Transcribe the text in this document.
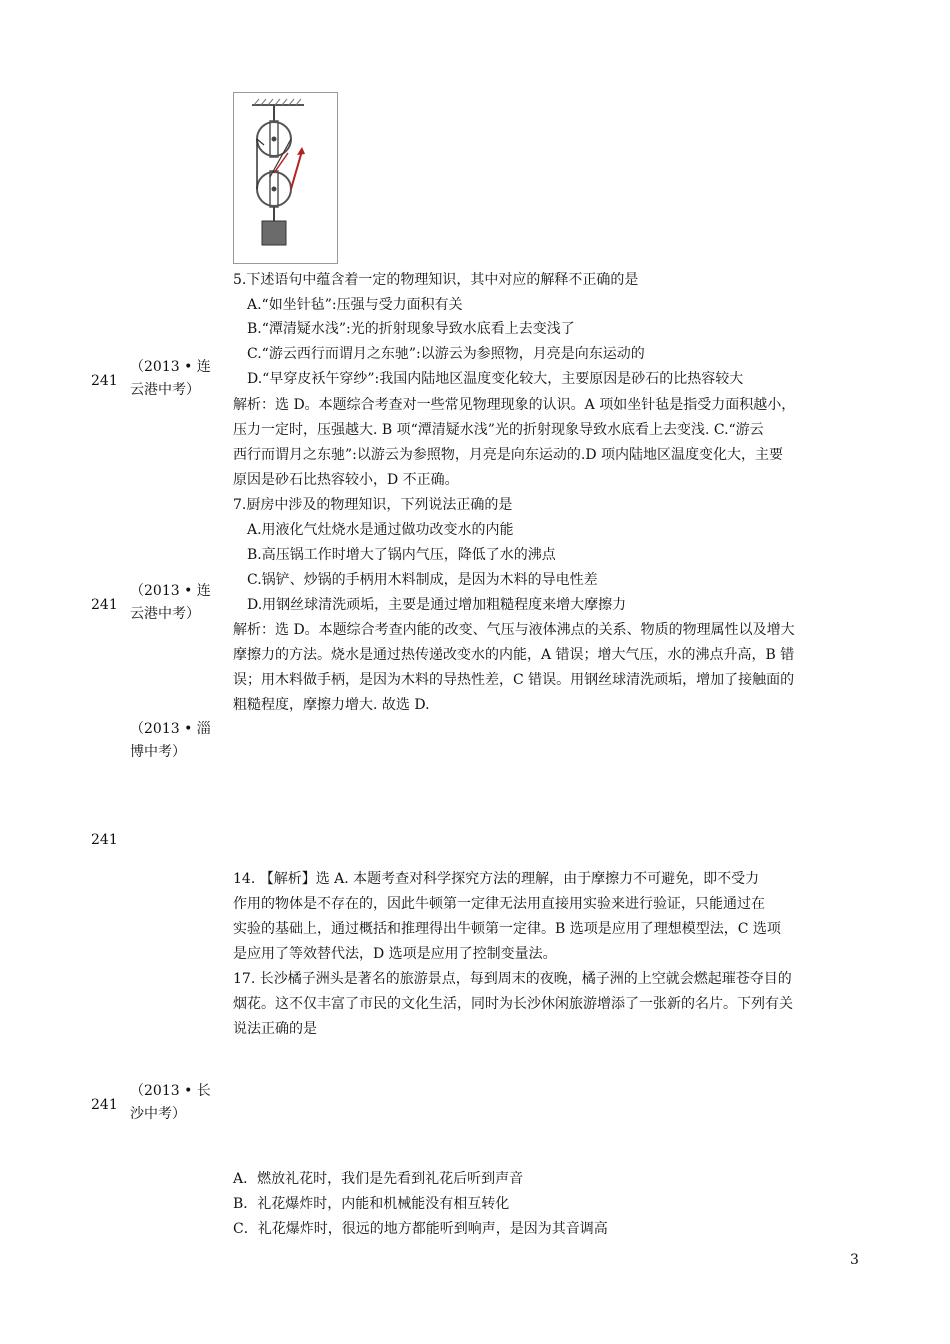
5.下述语句中蕴含着一定的物理知识，其中对应的解释不正确的是
A.“如坐针毡”:压强与受力面积有关
B.“潭清疑水浅”:光的折射现象导致水底看上去变浅了
C.“游云西行而谓月之东驰”:以游云为参照物，月亮是向东运动的
D.“早穿皮袄午穿纱”:我国内陆地区温度变化较大，主要原因是砂石的比热容较大
解析：选 D。本题综合考查对一些常见物理现象的认识。A 项如坐针毡是指受力面积越小，
压力一定时，压强越大. B 项“潭清疑水浅”光的折射现象导致水底看上去变浅. C.“游云
西行而谓月之东驰”:以游云为参照物，月亮是向东运动的.D 项内陆地区温度变化大，主要
原因是砂石比热容较小，D 不正确。
241
（2013 • 连
云港中考）
7.厨房中涉及的物理知识，下列说法正确的是
A.用液化气灶烧水是通过做功改变水的内能
B.高压锅工作时增大了锅内气压，降低了水的沸点
C.锅铲、炒锅的手柄用木料制成，是因为木料的导电性差
D.用钢丝球清洗顽垢，主要是通过增加粗糙程度来增大摩擦力
解析：选 D。本题综合考查内能的改变、气压与液体沸点的关系、物质的物理属性以及增大
摩擦力的方法。烧水是通过热传递改变水的内能，A 错误；增大气压，水的沸点升高，B 错
误；用木料做手柄，是因为木料的导热性差，C 错误。用钢丝球清洗顽垢，增加了接触面的
粗糙程度，摩擦力增大. 故选 D.
241
（2013 • 连
云港中考）
（2013 • 淄
博中考）
241
14. 【解析】选 A. 本题考查对科学探究方法的理解，由于摩擦力不可避免，即不受力
作用的物体是不存在的，因此牛顿第一定律无法用直接用实验来进行验证，只能通过在
实验的基础上，通过概括和推理得出牛顿第一定律。B 选项是应用了理想模型法，C 选项
是应用了等效替代法，D 选项是应用了控制变量法。
17. 长沙橘子洲头是著名的旅游景点，每到周末的夜晚，橘子洲的上空就会燃起璀苍夺目的
烟花。这不仅丰富了市民的文化生活，同时为长沙休闲旅游增添了一张新的名片。下列有关
说法正确的是
241
（2013 • 长
沙中考）
A．燃放礼花时，我们是先看到礼花后听到声音
B．礼花爆炸时，内能和机械能没有相互转化
C．礼花爆炸时，很远的地方都能听到响声，是因为其音调高
3
